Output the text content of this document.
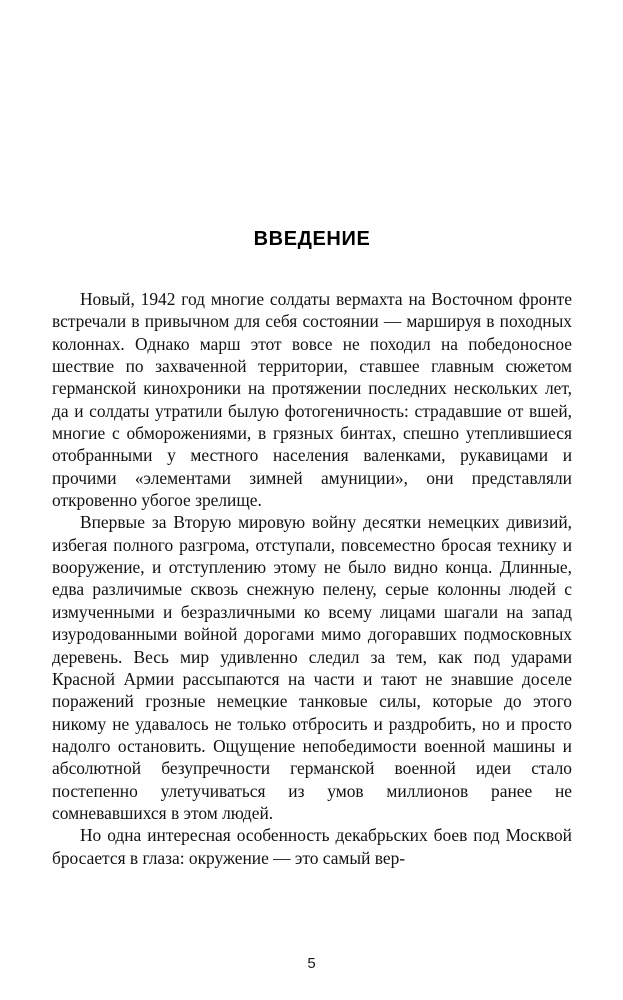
ВВЕДЕНИЕ

Новый, 1942 год многие солдаты вермахта на Восточном фронте встречали в привычном для себя состоянии — маршируя в походных колоннах. Однако марш этот вовсе не походил на победоносное шествие по захваченной территории, ставшее главным сюжетом германской кинохроники на протяжении последних нескольких лет, да и солдаты утратили былую фотогеничность: страдавшие от вшей, многие с обморожениями, в грязных бинтах, спешно утеплившиеся отобранными у местного населения валенками, рукавицами и прочими «элементами зимней амуниции», они представляли откровенно убогое зрелище.

Впервые за Вторую мировую войну десятки немецких дивизий, избегая полного разгрома, отступали, повсеместно бросая технику и вооружение, и отступлению этому не было видно конца. Длинные, едва различимые сквозь снежную пелену, серые колонны людей с измученными и безразличными ко всему лицами шагали на запад изуродованными войной дорогами мимо догоравших подмосковных деревень. Весь мир удивленно следил за тем, как под ударами Красной Армии рассыпаются на части и тают не знавшие доселе поражений грозные немецкие танковые силы, которые до этого никому не удавалось не только отбросить и раздробить, но и просто надолго остановить. Ощущение непобедимости военной машины и абсолютной безупречности германской военной идеи стало постепенно улетучиваться из умов миллионов ранее не сомневавшихся в этом людей.

Но одна интересная особенность декабрьских боев под Москвой бросается в глаза: окружение — это самый вер-

5
